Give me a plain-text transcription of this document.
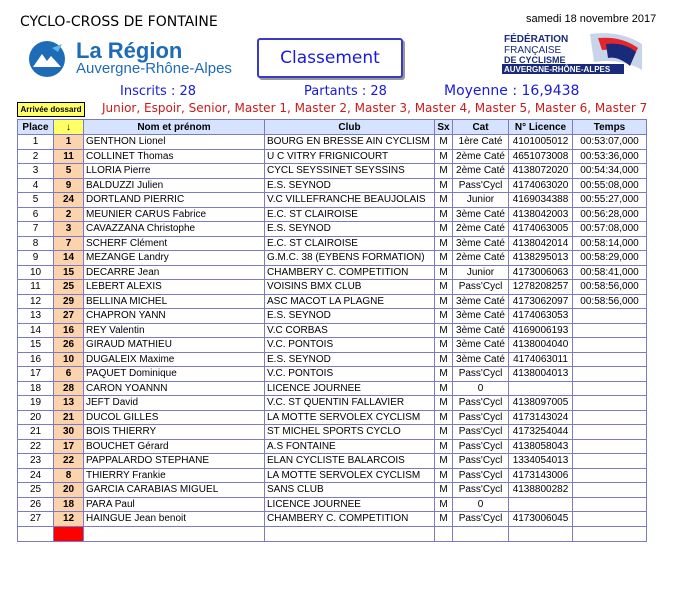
CYCLO-CROSS DE FONTAINE	samedi 18 novembre 2017
La Région
Auvergne-Rhône-Alpes
Classement
FÉDÉRATION
FRANÇAISE
DE CYCLISME
AUVERGNE-RHÔNE-ALPES
Inscrits : 28	Partants : 28	Moyenne : 16,9438
Arrivée dossard Junior, Espoir, Senior, Master 1, Master 2, Master 3, Master 4, Master 5, Master 6, Master 7
Place	↓	Nom et prénom	Club	Sx	Cat	N° Licence	Temps
1	1	GENTHON Lionel	BOURG EN BRESSE AIN CYCLISM	M	1ère Caté	4101005012	00:53:07,000
2	11	COLLINET Thomas	U C VITRY FRIGNICOURT	M	2ème Caté	4651073008	00:53:36,000
3	5	LLORIA Pierre	CYCL SEYSSINET SEYSSINS	M	2ème Caté	4138072020	00:54:34,000
4	9	BALDUZZI Julien	E.S. SEYNOD	M	Pass'Cycl	4174063020	00:55:08,000
5	24	DORTLAND PIERRIC	V.C VILLEFRANCHE BEAUJOLAIS	M	Junior	4169034388	00:55:27,000
6	2	MEUNIER CARUS Fabrice	E.C. ST CLAIROISE	M	3ème Caté	4138042003	00:56:28,000
7	3	CAVAZZANA Christophe	E.S. SEYNOD	M	2ème Caté	4174063005	00:57:08,000
8	7	SCHERF Clément	E.C. ST CLAIROISE	M	3ème Caté	4138042014	00:58:14,000
9	14	MEZANGE Landry	G.M.C. 38 (EYBENS FORMATION)	M	2ème Caté	4138295013	00:58:29,000
10	15	DECARRE Jean	CHAMBERY C. COMPETITION	M	Junior	4173006063	00:58:41,000
11	25	LEBERT ALEXIS	VOISINS BMX CLUB	M	Pass'Cycl	1278208257	00:58:56,000
12	29	BELLINA MICHEL	ASC MACOT LA PLAGNE	M	3ème Caté	4173062097	00:58:56,000
13	27	CHAPRON YANN	E.S. SEYNOD	M	3ème Caté	4174063053	
14	16	REY Valentin	V.C CORBAS	M	3ème Caté	4169006193	
15	26	GIRAUD MATHIEU	V.C. PONTOIS	M	3ème Caté	4138004040	
16	10	DUGALEIX Maxime	E.S. SEYNOD	M	3ème Caté	4174063011	
17	6	PAQUET Dominique	V.C. PONTOIS	M	Pass'Cycl	4138004013	
18	28	CARON YOANNN	LICENCE JOURNEE	M	0		
19	13	JEFT David	V.C. ST QUENTIN FALLAVIER	M	Pass'Cycl	4138097005	
20	21	DUCOL GILLES	LA MOTTE SERVOLEX CYCLISM	M	Pass'Cycl	4173143024	
21	30	BOIS THIERRY	ST MICHEL SPORTS CYCLO	M	Pass'Cycl	4173254044	
22	17	BOUCHET Gérard	A.S FONTAINE	M	Pass'Cycl	4138058043	
23	22	PAPPALARDO STEPHANE	ELAN CYCLISTE BALARCOIS	M	Pass'Cycl	1334054013	
24	8	THIERRY Frankie	LA MOTTE SERVOLEX CYCLISM	M	Pass'Cycl	4173143006	
25	20	GARCIA CARABIAS MIGUEL	SANS CLUB	M	Pass'Cycl	4138800282	
26	18	PARA Paul	LICENCE JOURNEE	M	0		
27	12	HAINGUE Jean benoit	CHAMBERY C. COMPETITION	M	Pass'Cycl	4173006045	
